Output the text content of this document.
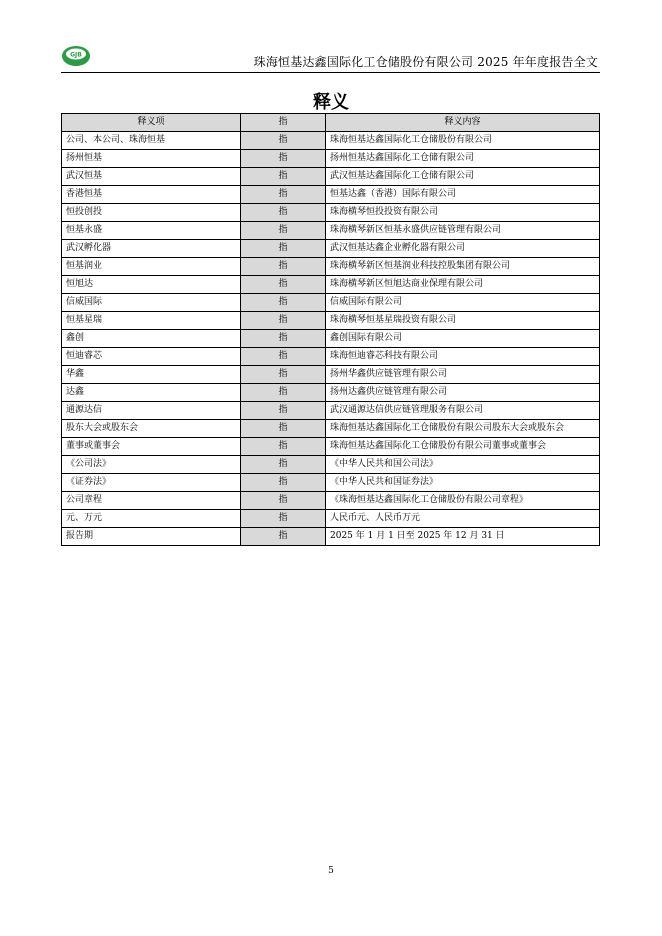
GJB	珠海恒基达鑫国际化工仓储股份有限公司 2025 年年度报告全文
释义
释义项	指	释义内容
公司、本公司、珠海恒基	指	珠海恒基达鑫国际化工仓储股份有限公司
扬州恒基	指	扬州恒基达鑫国际化工仓储有限公司
武汉恒基	指	武汉恒基达鑫国际化工仓储有限公司
香港恒基	指	恒基达鑫（香港）国际有限公司
恒投创投	指	珠海横琴恒投投资有限公司
恒基永盛	指	珠海横琴新区恒基永盛供应链管理有限公司
武汉孵化器	指	武汉恒基达鑫企业孵化器有限公司
恒基润业	指	珠海横琴新区恒基润业科技控股集团有限公司
恒旭达	指	珠海横琴新区恒旭达商业保理有限公司
信威国际	指	信威国际有限公司
恒基星瑞	指	珠海横琴恒基星瑞投资有限公司
鑫创	指	鑫创国际有限公司
恒迪睿芯	指	珠海恒迪睿芯科技有限公司
华鑫	指	扬州华鑫供应链管理有限公司
达鑫	指	扬州达鑫供应链管理有限公司
通源达信	指	武汉通源达信供应链管理服务有限公司
股东大会或股东会	指	珠海恒基达鑫国际化工仓储股份有限公司股东大会或股东会
董事或董事会	指	珠海恒基达鑫国际化工仓储股份有限公司董事或董事会
《公司法》	指	《中华人民共和国公司法》
《证券法》	指	《中华人民共和国证券法》
公司章程	指	《珠海恒基达鑫国际化工仓储股份有限公司章程》
元、万元	指	人民币元、人民币万元
报告期	指	2025 年 1 月 1 日至 2025 年 12 月 31 日
5
